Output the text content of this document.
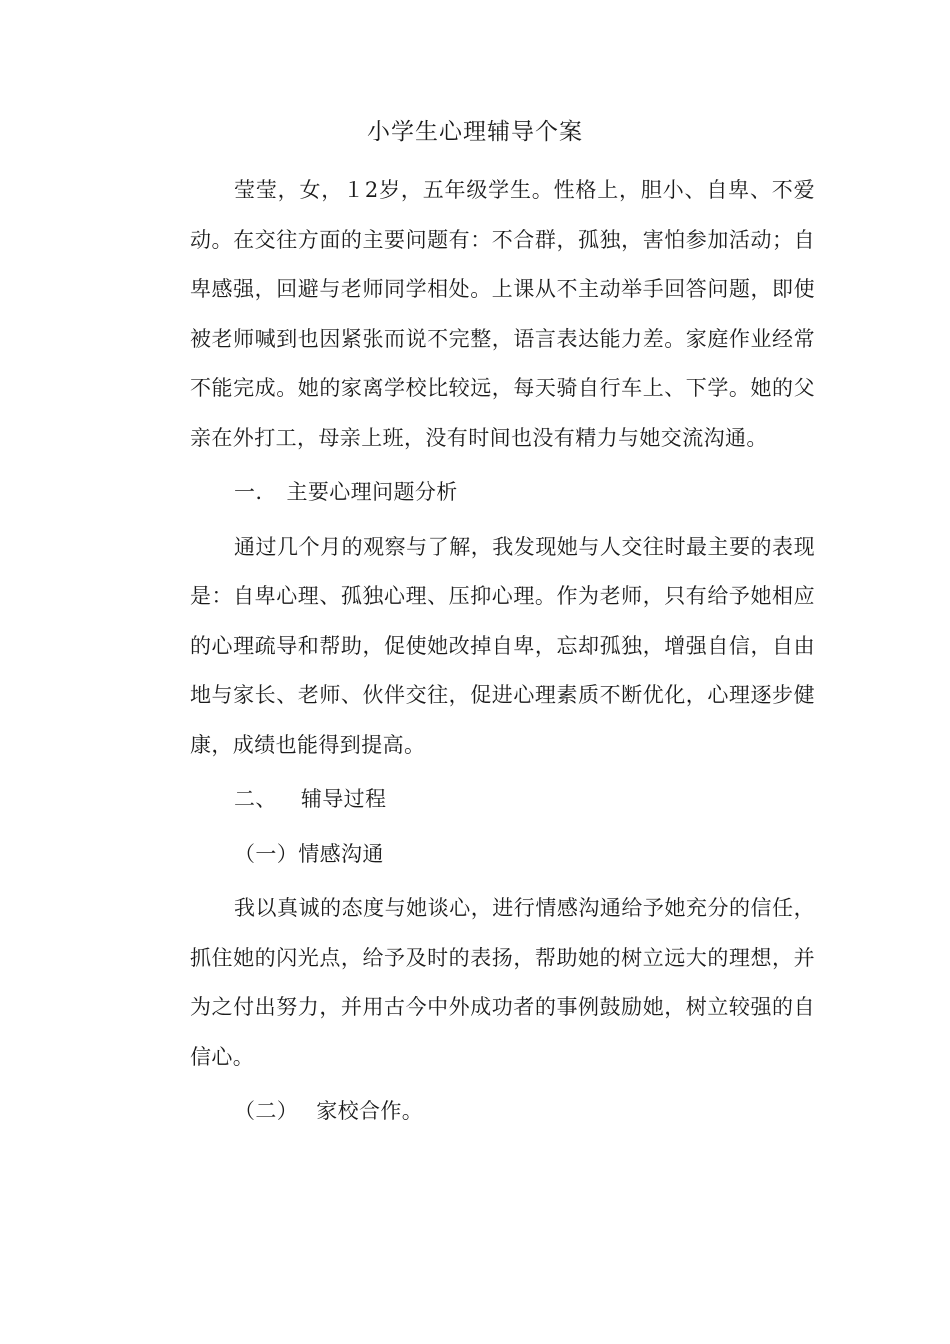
小学生心理辅导个案

莹莹，女，１2岁，五年级学生。性格上，胆小、自卑、不爱动。在交往方面的主要问题有：不合群，孤独，害怕参加活动；自卑感强，回避与老师同学相处。上课从不主动举手回答问题，即使被老师喊到也因紧张而说不完整，语言表达能力差。家庭作业经常不能完成。她的家离学校比较远，每天骑自行车上、下学。她的父亲在外打工，母亲上班，没有时间也没有精力与她交流沟通。

一. 主要心理问题分析

通过几个月的观察与了解，我发现她与人交往时最主要的表现是：自卑心理、孤独心理、压抑心理。作为老师，只有给予她相应的心理疏导和帮助，促使她改掉自卑，忘却孤独，增强自信，自由地与家长、老师、伙伴交往，促进心理素质不断优化，心理逐步健康，成绩也能得到提高。

二、 辅导过程

（一）情感沟通

我以真诚的态度与她谈心，进行情感沟通给予她充分的信任，抓住她的闪光点，给予及时的表扬，帮助她的树立远大的理想，并为之付出努力，并用古今中外成功者的事例鼓励她，树立较强的自信心。

（二） 家校合作。
